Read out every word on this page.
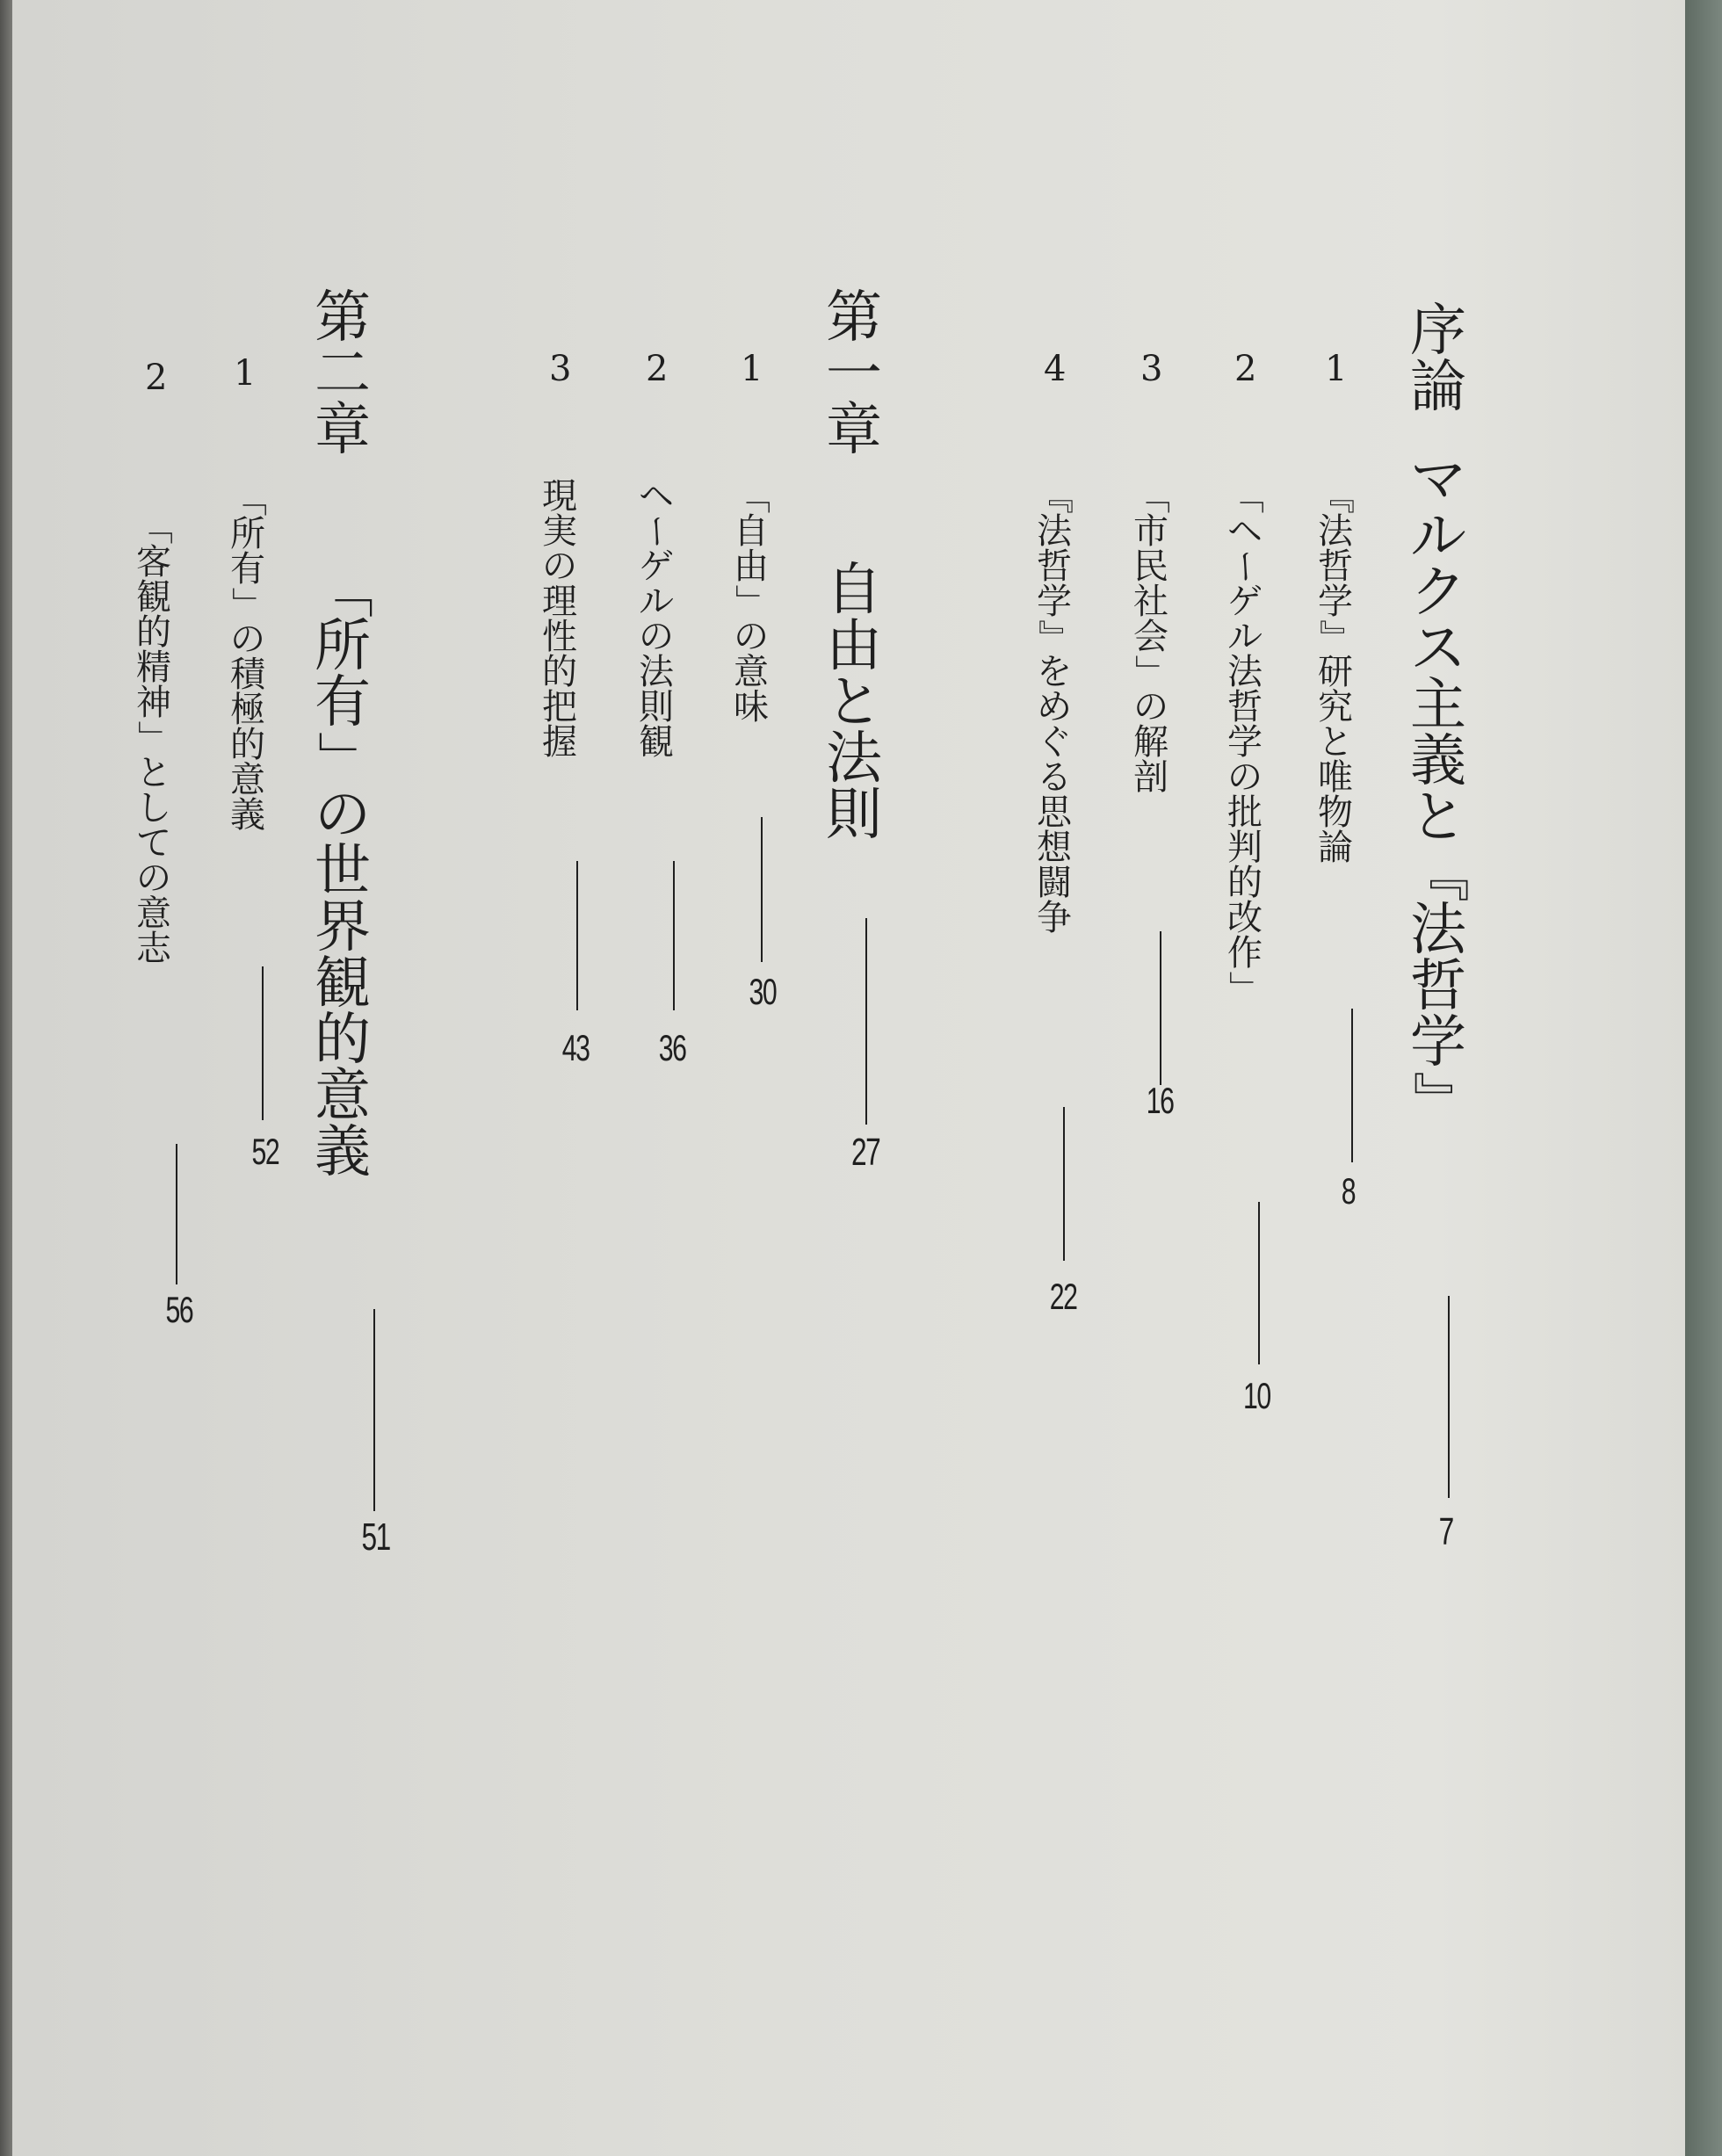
序
論
マ
ル
ク
ス
主
義
と
『
法
哲
学
』
7
1
『
法
哲
学
』
研
究
と
唯
物
論
8
2
「
ヘ
ー
ゲ
ル
法
哲
学
の
批
判
的
改
作
」
10
3
「
市
民
社
会
」
の
解
剖
16
4
『
法
哲
学
』
を
め
ぐ
る
思
想
闘
争
22
第
一
章
自
由
と
法
則
27
1
「
自
由
」
の
意
味
30
2
ヘ
ー
ゲ
ル
の
法
則
観
36
3
現
実
の
理
性
的
把
握
43
第
二
章
「
所
有
」
の
世
界
観
的
意
義
51
1
「
所
有
」
の
積
極
的
意
義
52
2
「
客
観
的
精
神
」
と
し
て
の
意
志
56
